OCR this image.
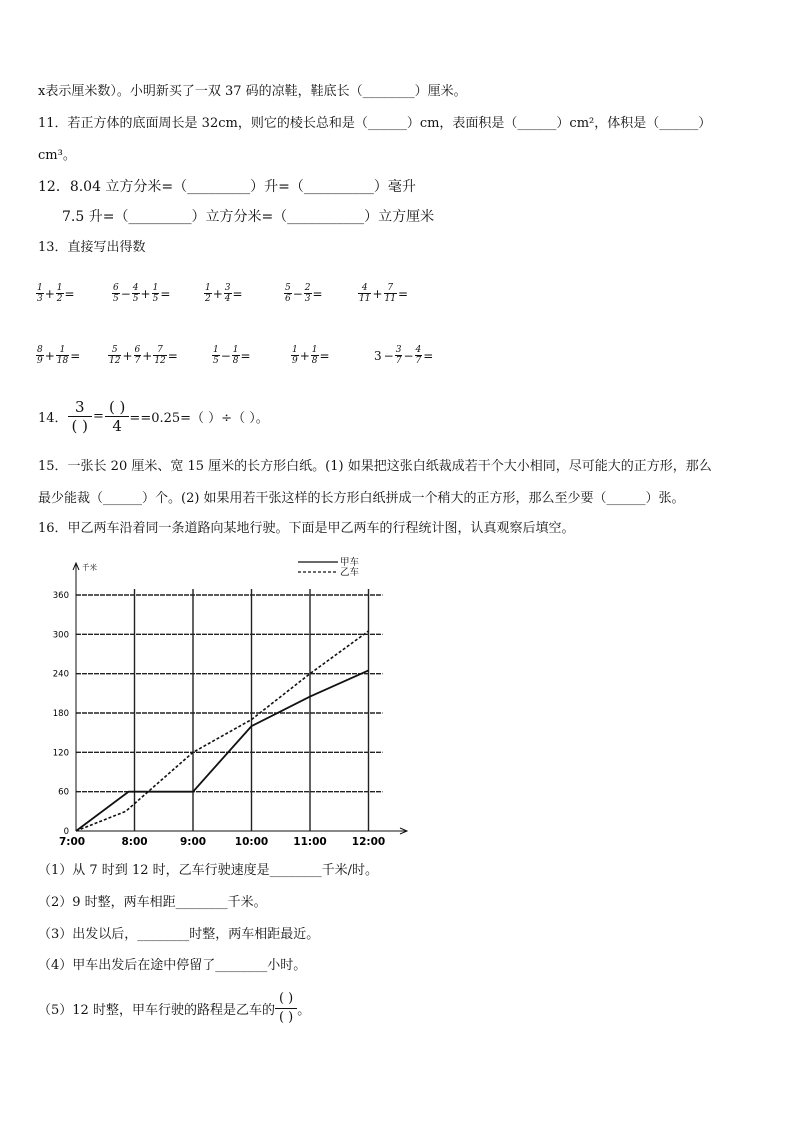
x表示厘米数）。小明新买了一双 37 码的凉鞋，鞋底长（________）厘米。
11．若正方体的底面周长是 32cm，则它的棱长总和是（______）cm，表面积是（______）cm²，体积是（______）
cm³。
12．8.04 立方分米=（_________）升=（__________）毫升
7.5 升=（_________）立方分米=（___________）立方厘米
13．直接写出得数
$\frac{1}{3} + \frac{1}{2}$ =	$\frac{6}{5} - \frac{4}{5} + \frac{1}{5}$ =	$\frac{1}{2} + \frac{3}{4}$ =	$\frac{5}{6} - \frac{2}{3}$ =	$\frac{4}{11} + \frac{7}{11}$ =
$\frac{8}{9} + \frac{1}{18}$ =	$\frac{5}{12} + \frac{6}{7} + \frac{7}{12}$ =	$\frac{1}{5} - \frac{1}{8}$ =	$\frac{1}{9} + \frac{1}{8}$ =	$3 - \frac{3}{7} - \frac{4}{7}$ =
14． $\frac{3}{( )} = \frac{( )}{4} ==0.25=$（ ）÷（ ）。
15．一张长 20 厘米、宽 15 厘米的长方形白纸。(1) 如果把这张白纸裁成若干个大小相同，尽可能大的正方形，那么
最少能裁（______）个。(2) 如果用若干张这样的长方形白纸拼成一个稍大的正方形，那么至少要（______）张。
16．甲乙两车沿着同一条道路向某地行驶。下面是甲乙两车的行程统计图，认真观察后填空。
0
60
120
180
240
300
360
7:00	8:00	9:00	10:00 11:00 12:00
千米	甲车
乙车
（1）从 7 时到 12 时，乙车行驶速度是________千米/时。
（2）9 时整，两车相距________千米。
（3）出发以后，________时整，两车相距最近。
（4）甲车出发后在途中停留了________小时。
（5）12 时整，甲车行驶的路程是乙车的 $\frac{( )}{( )}$ 。
